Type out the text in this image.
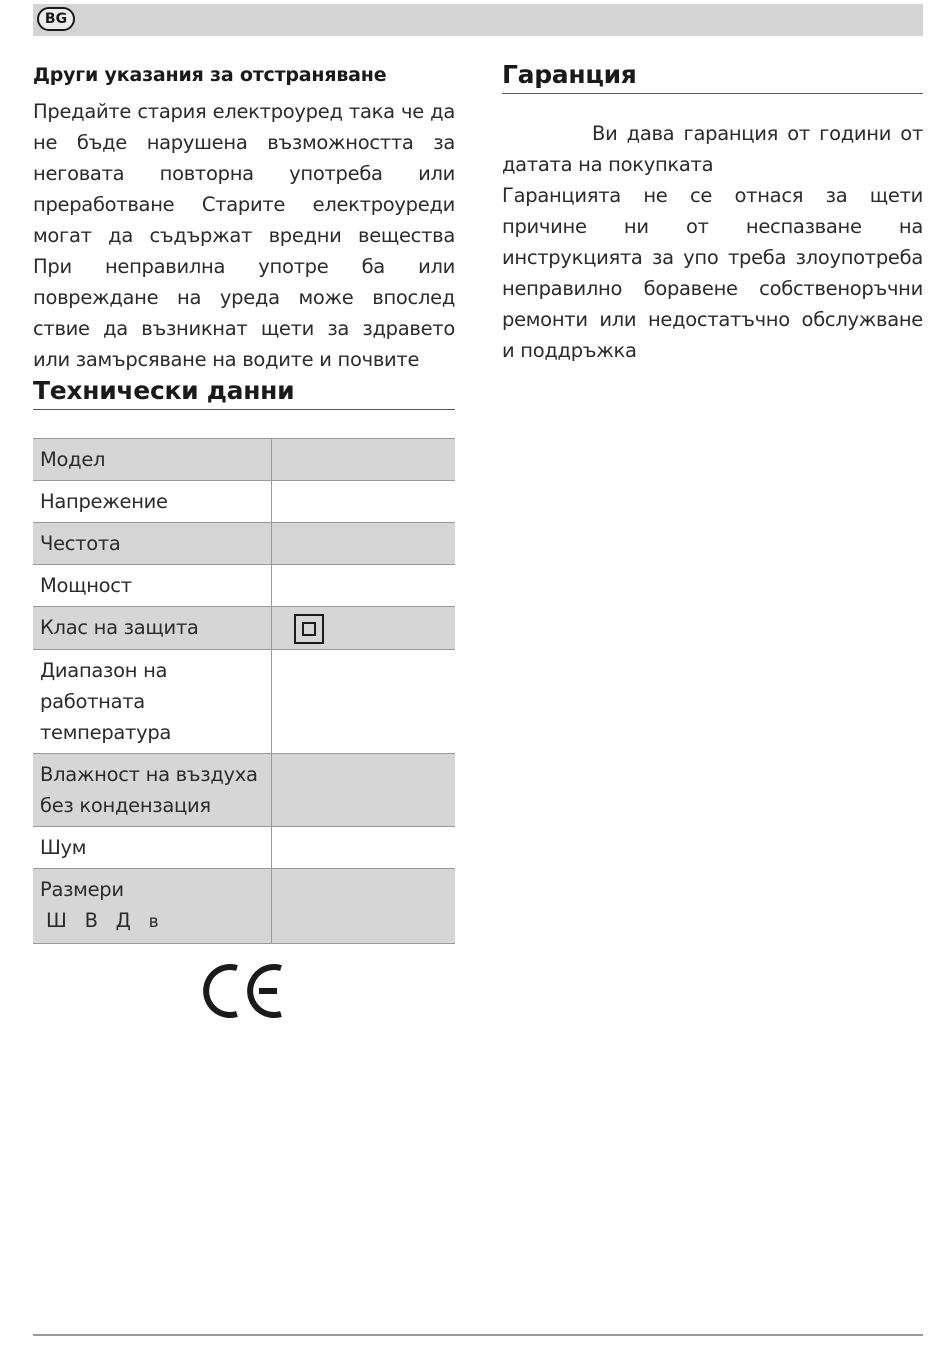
BG
Други указания за отстраняване

Предайте стария електроуред така че да не бъде нарушена възможността за неговата повторна употреба или преработване Старите електроуреди могат да съдържат вредни вещества При неправилна употре ба или повреждане на уреда може впослед ствие да възникнат щети за здравето или замърсяване на водите и почвите

Технически данни
Модел	
Напрежение	
Честота	
Мощност	
Клас на защита	
Диапазон на работната температура	
Влажност на въздуха без кондензация	
Шум	

Размери
Ш В Д в	

Гаранция

Ви дава гаранция от години от датата на покупката

Гаранцията не се отнася за щети причине ни от неспазване на инструкцията за упо треба злоупотреба неправилно боравене собственоръчни ремонти или недостатъчно обслужване и поддръжка
